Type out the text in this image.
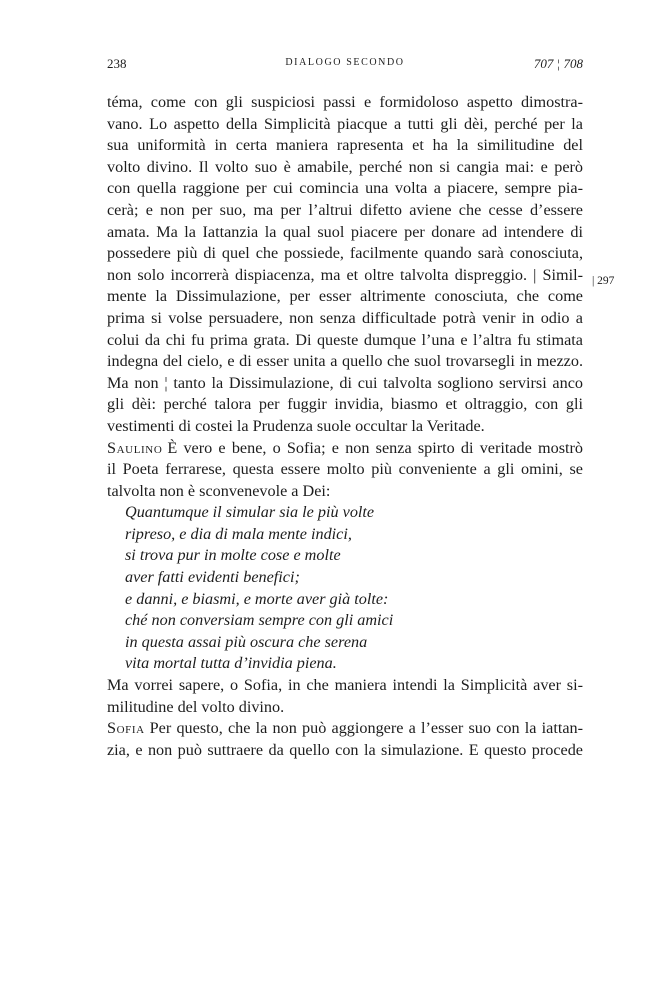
238	DIALOGO SECONDO	707 ¦ 708
| 297
téma, come con gli suspiciosi passi e formidoloso aspetto dimostra-
vano. Lo aspetto della Simplicità piacque a tutti gli dèi, perché per la
sua uniformità in certa maniera rapresenta et ha la similitudine del
volto divino. Il volto suo è amabile, perché non si cangia mai: e però
con quella raggione per cui comincia una volta a piacere, sempre pia-
cerà; e non per suo, ma per l’altrui difetto aviene che cesse d’essere
amata. Ma la Iattanzia la qual suol piacere per donare ad intendere di
possedere più di quel che possiede, facilmente quando sarà conosciuta,
non solo incorrerà dispiacenza, ma et oltre talvolta dispreggio. | Simil-
mente la Dissimulazione, per esser altrimente conosciuta, che come
prima si volse persuadere, non senza difficultade potrà venir in odio a
colui da chi fu prima grata. Di queste dumque l’una e l’altra fu stimata
indegna del cielo, e di esser unita a quello che suol trovarsegli in mezzo.
Ma non ¦ tanto la Dissimulazione, di cui talvolta sogliono servirsi anco
gli dèi: perché talora per fuggir invidia, biasmo et oltraggio, con gli
vestimenti di costei la Prudenza suole occultar la Veritade.
Saulino È vero e bene, o Sofia; e non senza spirto di veritade mostrò
il Poeta ferrarese, questa essere molto più conveniente a gli omini, se
talvolta non è sconvenevole a Dei:
Quantumque il simular sia le più volte
ripreso, e dia di mala mente indici,
si trova pur in molte cose e molte
aver fatti evidenti benefici;
e danni, e biasmi, e morte aver già tolte:
ché non conversiam sempre con gli amici
in questa assai più oscura che serena
vita mortal tutta d’invidia piena.
Ma vorrei sapere, o Sofia, in che maniera intendi la Simplicità aver si-
militudine del volto divino.
Sofia Per questo, che la non può aggiongere a l’esser suo con la iattan-
zia, e non può suttraere da quello con la simulazione. E questo procede
